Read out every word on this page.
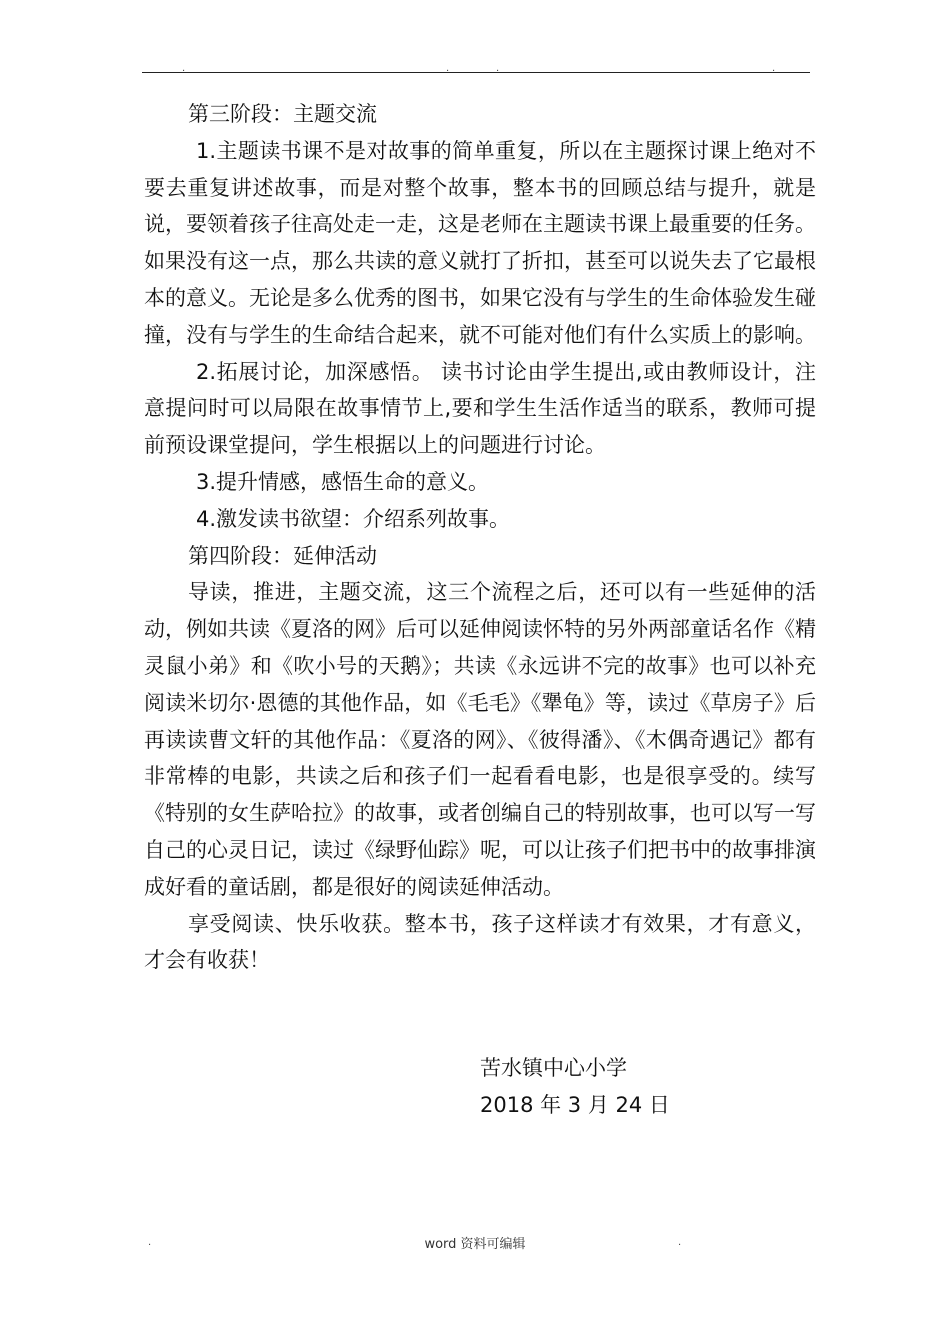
.	.	.	.

第三阶段：主题交流

1.主题读书课不是对故事的简单重复，所以在主题探讨课上绝对不要去重复讲述故事，而是对整个故事，整本书的回顾总结与提升，就是说，要领着孩子往高处走一走，这是老师在主题读书课上最重要的任务。如果没有这一点，那么共读的意义就打了折扣，甚至可以说失去了它最根本的意义。无论是多么优秀的图书，如果它没有与学生的生命体验发生碰撞，没有与学生的生命结合起来，就不可能对他们有什么实质上的影响。

2.拓展讨论，加深感悟。 读书讨论由学生提出,或由教师设计，注意提问时可以局限在故事情节上,要和学生生活作适当的联系，教师可提前预设课堂提问，学生根据以上的问题进行讨论。

3.提升情感，感悟生命的意义。

4.激发读书欲望：介绍系列故事。

第四阶段：延伸活动

导读，推进，主题交流，这三个流程之后，还可以有一些延伸的活动，例如共读《夏洛的网》后可以延伸阅读怀特的另外两部童话名作《精灵鼠小弟》和《吹小号的天鹅》；共读《永远讲不完的故事》也可以补充阅读米切尔·恩德的其他作品，如《毛毛》《犟龟》等，读过《草房子》后再读读曹文轩的其他作品：《夏洛的网》、《彼得潘》、《木偶奇遇记》都有非常棒的电影，共读之后和孩子们一起看看电影，也是很享受的。续写《特别的女生萨哈拉》的故事，或者创编自己的特别故事，也可以写一写自己的心灵日记，读过《绿野仙踪》呢，可以让孩子们把书中的故事排演成好看的童话剧，都是很好的阅读延伸活动。

享受阅读、快乐收获。整本书，孩子这样读才有效果，才有意义，才会有收获！

苦水镇中心小学
2018 年 3 月 24 日
.	word 资料可编辑	.
